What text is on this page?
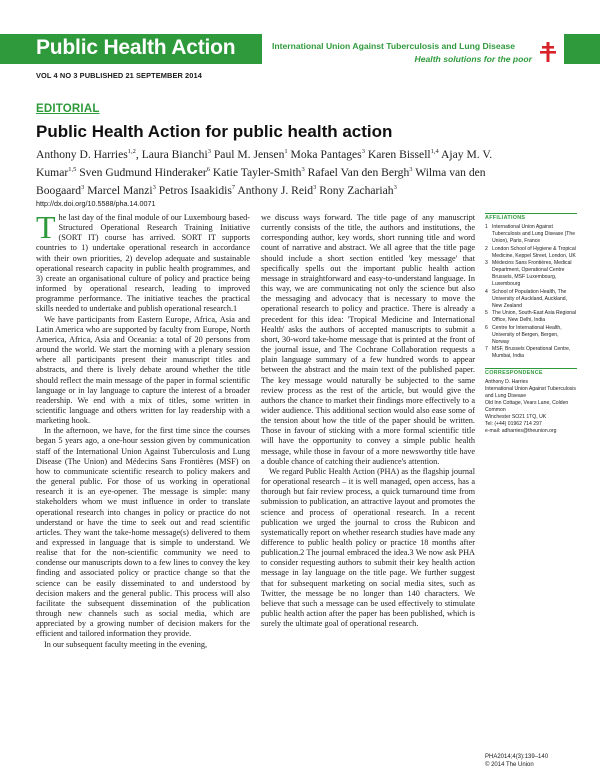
Public Health Action	International Union Against Tuberculosis and Lung Disease
Health solutions for the poor
VOL 4 NO 3 PUBLISHED 21 SEPTEMBER 2014
EDITORIAL
Public Health Action for public health action
Anthony D. Harries$^{1,2}$, Laura Bianchi$^3$ Paul M. Jensen$^1$ Moka Pantages$^3$ Karen Bissell$^{1,4}$ Ajay M. V. Kumar$^{1,5}$ Sven Gudmund Hinderaker$^6$ Katie Tayler-Smith$^3$ Rafael Van den Bergh$^3$ Wilma van den Boogaard$^3$ Marcel Manzi$^3$ Petros Isaakidis$^7$ Anthony J. Reid$^3$ Rony Zachariah$^3$
http://dx.doi.org/10.5588/pha.14.0071

The last day of the final module of our Luxembourg based-Structured Operational Research Training Initiative (SORT IT) course has arrived. SORT IT supports countries to 1) undertake operational research in accordance with their own priorities, 2) develop adequate and sustainable operational research capacity in public health programmes, and 3) create an organisational culture of policy and practice being informed by operational research, leading to improved programme performance. The initiative teaches the practical skills needed to undertake and publish operational research.1

We have participants from Eastern Europe, Africa, Asia and Latin America who are supported by faculty from Europe, North America, Africa, Asia and Oceania: a total of 20 persons from around the world. We start the morning with a plenary session where all participants present their manuscript titles and abstracts, and there is lively debate around whether the title should reflect the main message of the paper in formal scientific language or in lay language to capture the interest of a broader readership. We end with a mix of titles, some written in scientific language and others written for lay readership with a marketing hook.

In the afternoon, we have, for the first time since the courses began 5 years ago, a one-hour session given by communication staff of the International Union Against Tuberculosis and Lung Disease (The Union) and Médecins Sans Frontières (MSF) on how to communicate scientific research to policy makers and the general public. For those of us working in operational research it is an eye-opener. The message is simple: many stakeholders whom we must influence in order to translate operational research into changes in policy or practice do not understand or have the time to seek out and read scientific articles. They want the take-home message(s) delivered to them and expressed in language that is simple to understand. We realise that for the non-scientific community we need to condense our manuscripts down to a few lines to convey the key finding and associated policy or practice change so that the science can be easily disseminated to and understood by decision makers and the general public. This process will also facilitate the subsequent dissemination of the publication through new channels such as social media, which are appreciated by a growing number of decision makers for the efficient and tailored information they provide.

In our subsequent faculty meeting in the evening,

we discuss ways forward. The title page of any manuscript currently consists of the title, the authors and institutions, the corresponding author, key words, short running title and word count of narrative and abstract. We all agree that the title page should include a short section entitled 'key message' that specifically spells out the important public health action message in straightforward and easy-to-understand language. In this way, we are communicating not only the science but also the messaging and advocacy that is necessary to move the operational research to policy and practice. There is already a precedent for this idea: 'Tropical Medicine and International Health' asks the authors of accepted manuscripts to submit a short, 30-word take-home message that is printed at the front of the journal issue, and The Cochrane Collaboration requests a plain language summary of a few hundred words to appear between the abstract and the main text of the published paper. The key message would naturally be subjected to the same review process as the rest of the article, but would give the authors the chance to market their findings more effectively to a wider audience. This additional section would also ease some of the tension about how the title of the paper should be written. Those in favour of sticking with a more formal scientific title will have the opportunity to convey a simple public health message, while those in favour of a more newsworthy title have a double chance of catching their audience's attention.

We regard Public Health Action (PHA) as the flagship journal for operational research – it is well managed, open access, has a thorough but fair review process, a quick turnaround time from submission to publication, an attractive layout and promotes the science and process of operational research. In a recent publication we urged the journal to cross the Rubicon and systematically report on whether research studies have made any difference to public health policy or practice 18 months after publication.2 The journal embraced the idea.3 We now ask PHA to consider requesting authors to submit their key health action message in lay language on the title page. We further suggest that for subsequent marketing on social media sites, such as Twitter, the message be no longer than 140 characters. We believe that such a message can be used effectively to stimulate public health action after the paper has been published, which is surely the ultimate goal of operational research.

AFFILIATIONS
1 International Union Against Tuberculosis and Lung Disease (The Union), Paris, France
2 London School of Hygiene & Tropical Medicine, Keppel Street, London, UK
3 Médecins Sans Frontières, Medical Department, Operational Centre Brussels, MSF Luxembourg, Luxembourg
4 School of Population Health, The University of Auckland, Auckland, New Zealand
5 The Union, South-East Asia Regional Office, New Delhi, India
6 Centre for International Health, University of Bergen, Bergen, Norway
7 MSF, Brussels Operational Centre, Mumbai, India
CORRESPONDENCE
Anthony D. Harries
International Union Against Tuberculosis and Lung Disease
Old Inn Cottage, Vears Lane, Colden Common
Winchester SO21 1TQ, UK
Tel: (+44) 01962 714 297
e-mail: adharries@theunion.org
PHA2014;4(3):139–140
© 2014 The Union
